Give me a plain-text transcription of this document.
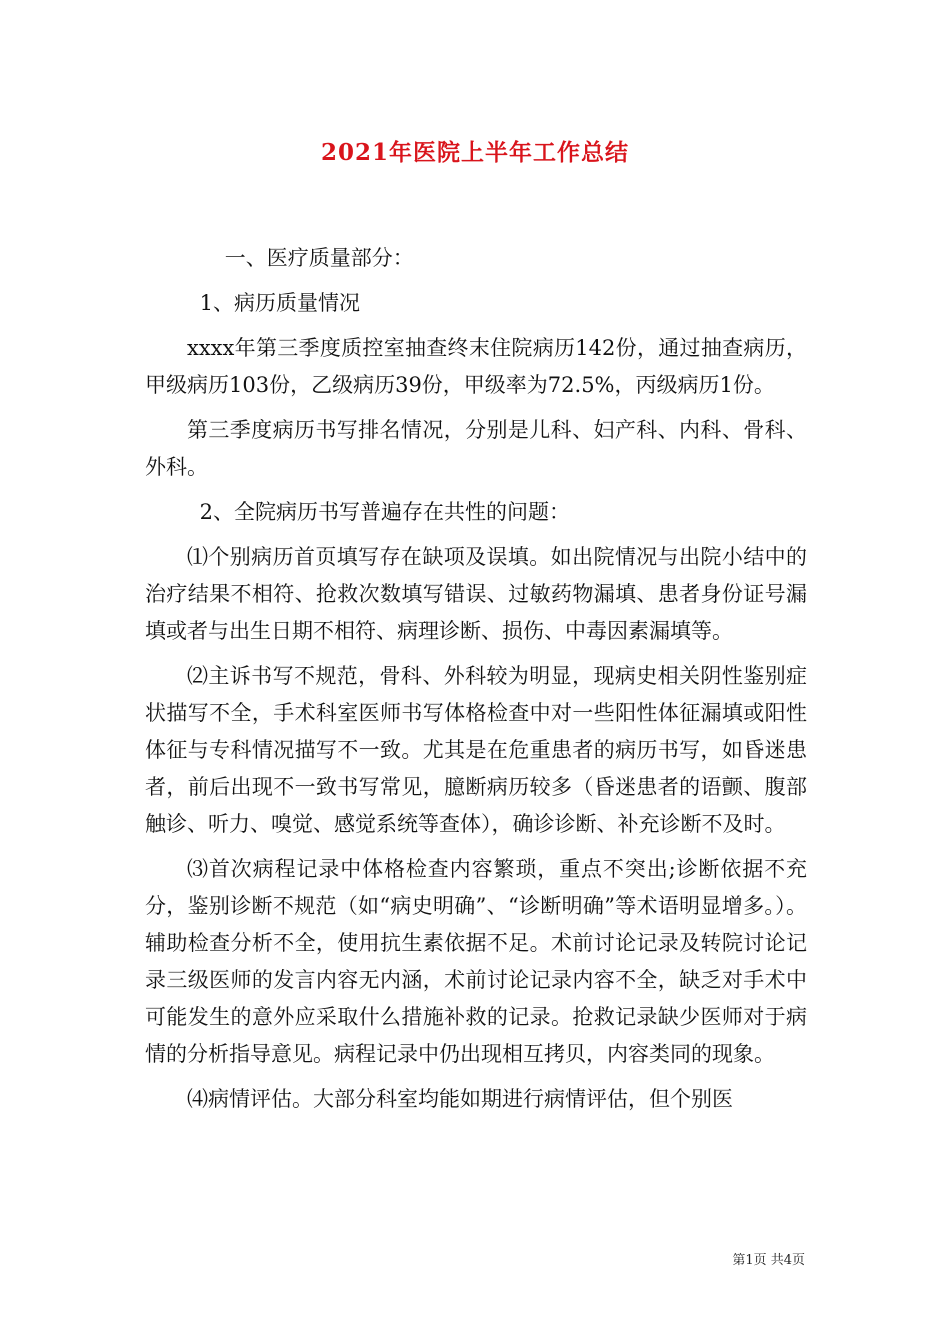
2021年医院上半年工作总结

一、医疗质量部分：

1、病历质量情况

xxxx年第三季度质控室抽查终末住院病历142份，通过抽查病历，甲级病历103份，乙级病历39份，甲级率为72.5%，丙级病历1份。

第三季度病历书写排名情况，分别是儿科、妇产科、内科、骨科、外科。

2、全院病历书写普遍存在共性的问题：

⑴个别病历首页填写存在缺项及误填。如出院情况与出院小结中的治疗结果不相符、抢救次数填写错误、过敏药物漏填、患者身份证号漏填或者与出生日期不相符、病理诊断、损伤、中毒因素漏填等。

⑵主诉书写不规范，骨科、外科较为明显，现病史相关阴性鉴别症状描写不全，手术科室医师书写体格检查中对一些阳性体征漏填或阳性体征与专科情况描写不一致。尤其是在危重患者的病历书写，如昏迷患者，前后出现不一致书写常见，臆断病历较多（昏迷患者的语颤、腹部触诊、听力、嗅觉、感觉系统等查体），确诊诊断、补充诊断不及时。

⑶首次病程记录中体格检查内容繁琐，重点不突出;诊断依据不充分，鉴别诊断不规范（如“病史明确”、“诊断明确”等术语明显增多。）。辅助检查分析不全，使用抗生素依据不足。术前讨论记录及转院讨论记录三级医师的发言内容无内涵，术前讨论记录内容不全，缺乏对手术中可能发生的意外应采取什么措施补救的记录。抢救记录缺少医师对于病情的分析指导意见。病程记录中仍出现相互拷贝，内容类同的现象。

⑷病情评估。大部分科室均能如期进行病情评估，但个别医

第1页 共4页
